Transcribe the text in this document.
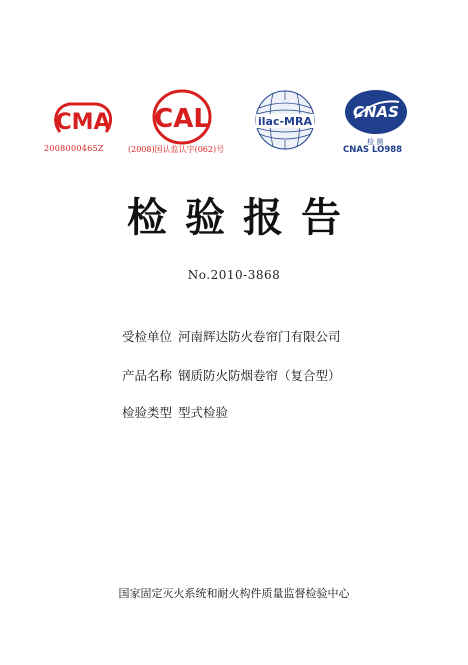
CMA
2008000465Z
CAL
(2008)国认监认字(062)号
ilac-MRA
CNAS
检 测
CNAS LO988
检验报告
No.2010-3868
受检单位 河南辉达防火卷帘门有限公司
产品名称 钢质防火防烟卷帘（复合型）
检验类型 型式检验
国家固定灭火系统和耐火构件质量监督检验中心
